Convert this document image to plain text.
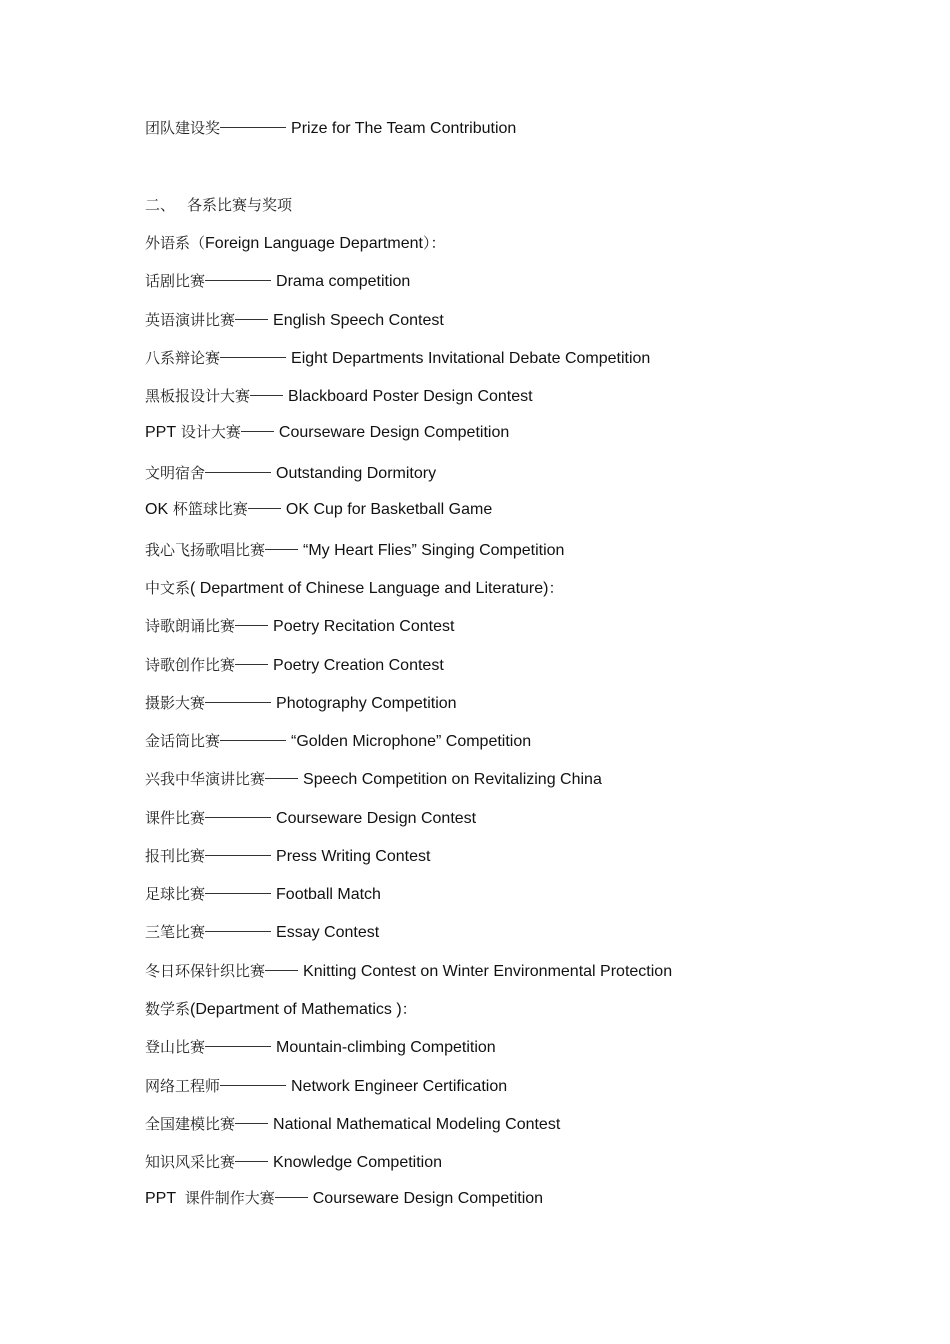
团队建设奖	Prize for The Team Contribution
二、 各系比赛与奖项
外语系（Foreign Language Department）：
话剧比赛	Drama competition
英语演讲比赛 English Speech Contest
八系辩论赛	Eight Departments Invitational Debate Competition
黑板报设计大赛 Blackboard Poster Design Contest
PPT 设计大赛 Courseware Design Competition
文明宿舍	Outstanding Dormitory
OK 杯篮球比赛 OK Cup for Basketball Game
我心飞扬歌唱比赛 “My Heart Flies” Singing Competition
中文系( Department of Chinese Language and Literature)：
诗歌朗诵比赛 Poetry Recitation Contest
诗歌创作比赛 Poetry Creation Contest
摄影大赛	Photography Competition
金话筒比赛	“Golden Microphone” Competition
兴我中华演讲比赛 Speech Competition on Revitalizing China
课件比赛	Courseware Design Contest
报刊比赛	Press Writing Contest
足球比赛	Football Match
三笔比赛	Essay Contest
冬日环保针织比赛 Knitting Contest on Winter Environmental Protection
数学系(Department of Mathematics )：
登山比赛	Mountain-climbing Competition
网络工程师	Network Engineer Certification
全国建模比赛 National Mathematical Modeling Contest
知识风采比赛 Knowledge Competition
PPT  课件制作大赛 Courseware Design Competition
